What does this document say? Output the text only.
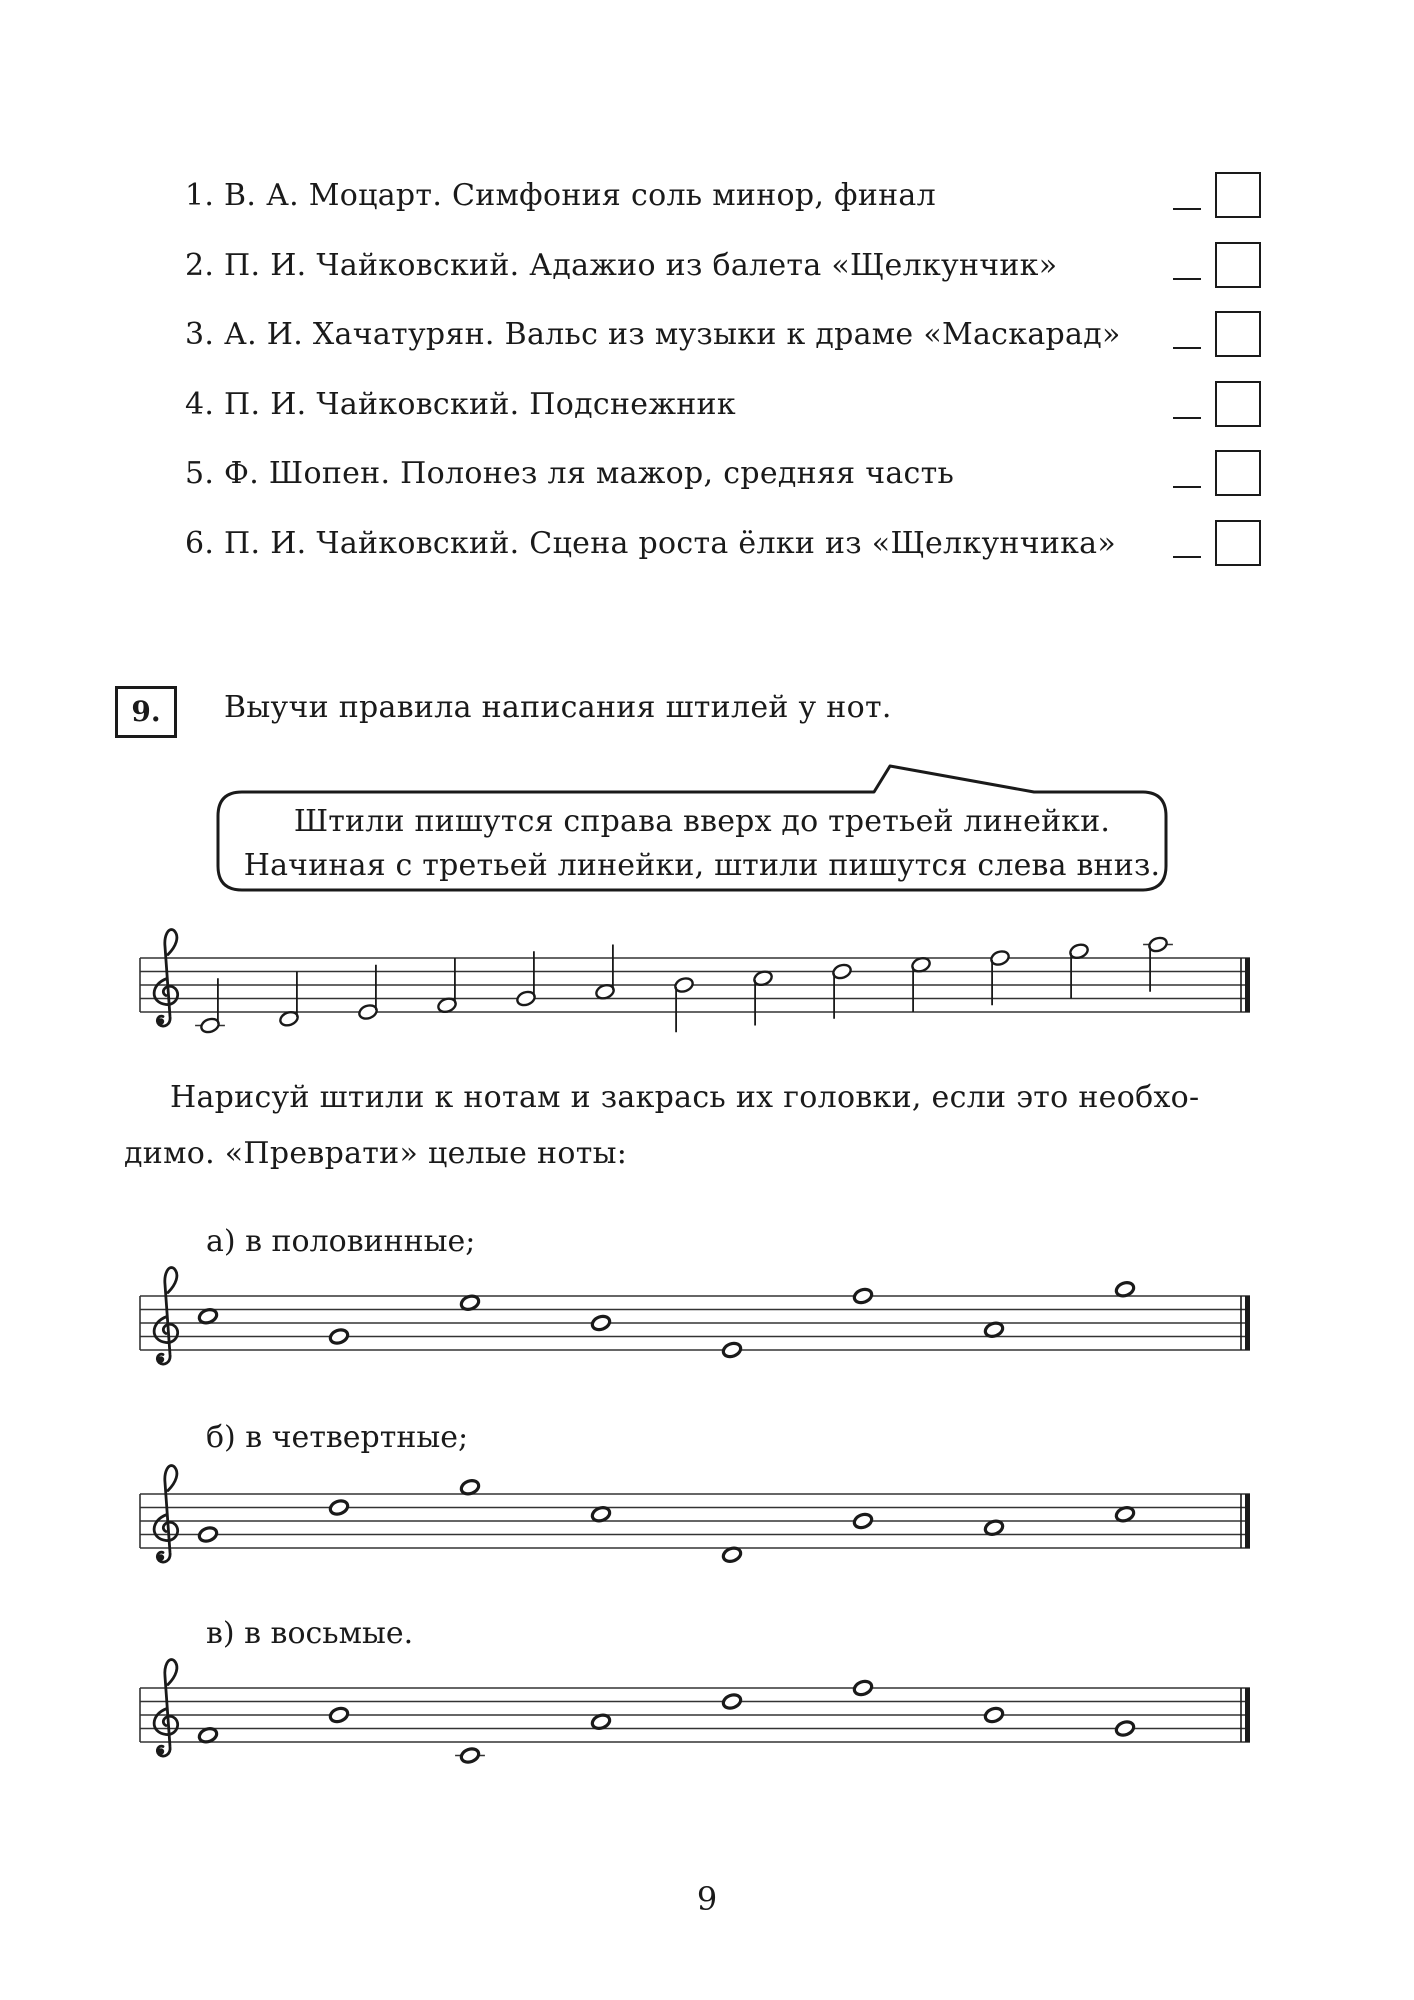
1. В. А. Моцарт. Симфония соль минор, финал
2. П. И. Чайковский. Адажио из балета «Щелкунчик»
3. А. И. Хачатурян. Вальс из музыки к драме «Маскарад»
4. П. И. Чайковский. Подснежник
5. Ф. Шопен. Полонез ля мажор, средняя часть
6. П. И. Чайковский. Сцена роста ёлки из «Щелкунчика»
9.	Выучи правила написания штилей у нот.
Штили пишутся справа вверх до третьей линейки.
Начиная с третьей линейки, штили пишутся слева вниз.
Нарисуй штили к нотам и закрась их головки, если это необхо-
димо. «Преврати» целые ноты:
а) в половинные;
б) в четвертные;
в) в восьмые.
9
